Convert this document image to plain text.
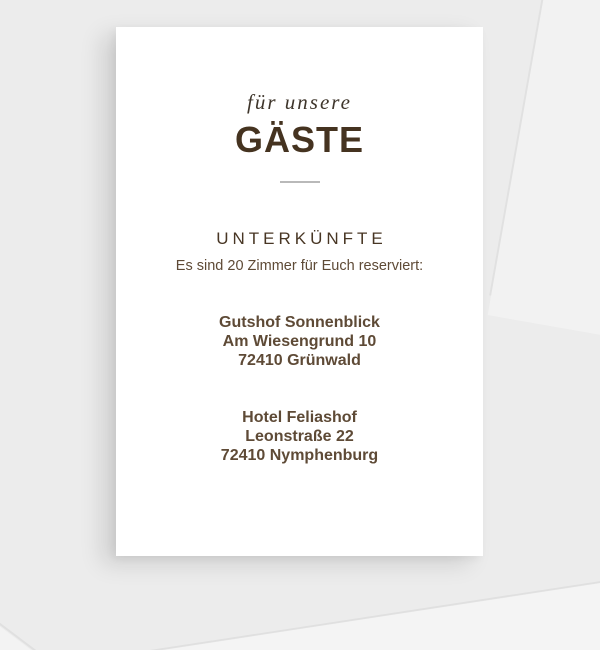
für unsere
GÄSTE
UNTERKÜNFTE
Es sind 20 Zimmer für Euch reserviert:
Gutshof Sonnenblick
Am Wiesengrund 10
72410 Grünwald
Hotel Feliashof
Leonstraße 22
72410 Nymphenburg
